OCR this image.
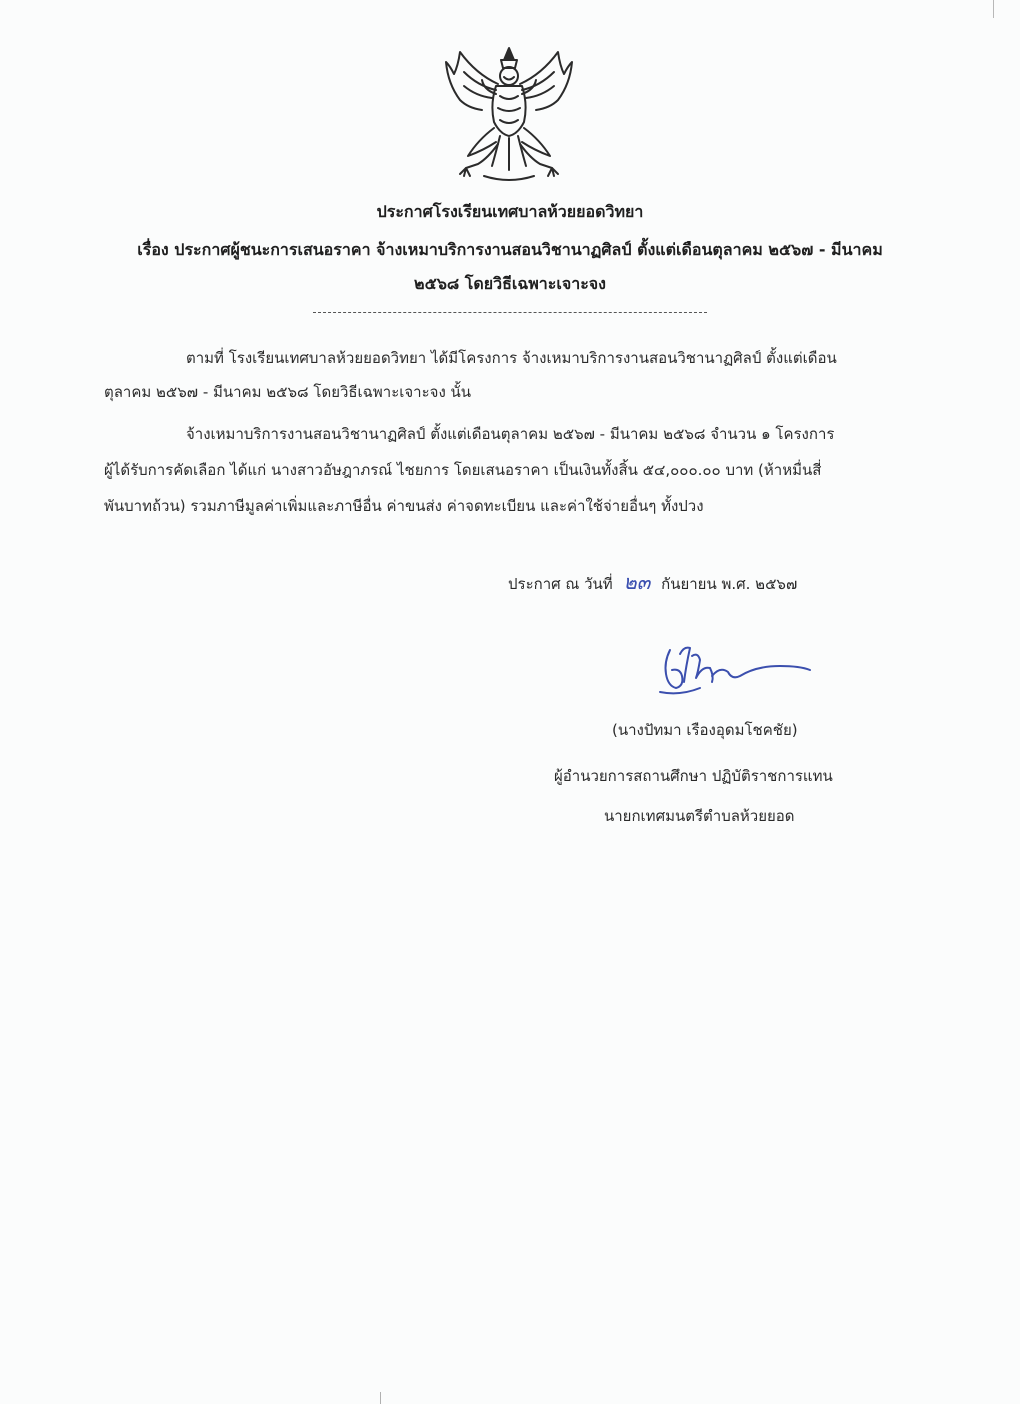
ประกาศโรงเรียนเทศบาลห้วยยอดวิทยา
เรื่อง ประกาศผู้ชนะการเสนอราคา จ้างเหมาบริการงานสอนวิชานาฏศิลป์ ตั้งแต่เดือนตุลาคม ๒๕๖๗ - มีนาคม
๒๕๖๘ โดยวิธีเฉพาะเจาะจง
ตามที่ โรงเรียนเทศบาลห้วยยอดวิทยา ได้มีโครงการ จ้างเหมาบริการงานสอนวิชานาฏศิลป์ ตั้งแต่เดือน
ตุลาคม ๒๕๖๗ - มีนาคม ๒๕๖๘ โดยวิธีเฉพาะเจาะจง นั้น
จ้างเหมาบริการงานสอนวิชานาฏศิลป์ ตั้งแต่เดือนตุลาคม ๒๕๖๗ - มีนาคม ๒๕๖๘ จำนวน ๑ โครงการ
ผู้ได้รับการคัดเลือก ได้แก่ นางสาวอัษฎาภรณ์ ไชยการ โดยเสนอราคา เป็นเงินทั้งสิ้น ๕๔,๐๐๐.๐๐ บาท (ห้าหมื่นสี่
พันบาทถ้วน) รวมภาษีมูลค่าเพิ่มและภาษีอื่น ค่าขนส่ง ค่าจดทะเบียน และค่าใช้จ่ายอื่นๆ ทั้งปวง
ประกาศ ณ วันที่ ๒๓ กันยายน พ.ศ. ๒๕๖๗
(นางปัทมา เรืองอุดมโชคชัย)
ผู้อำนวยการสถานศึกษา ปฏิบัติราชการแทน
นายกเทศมนตรีตำบลห้วยยอด
